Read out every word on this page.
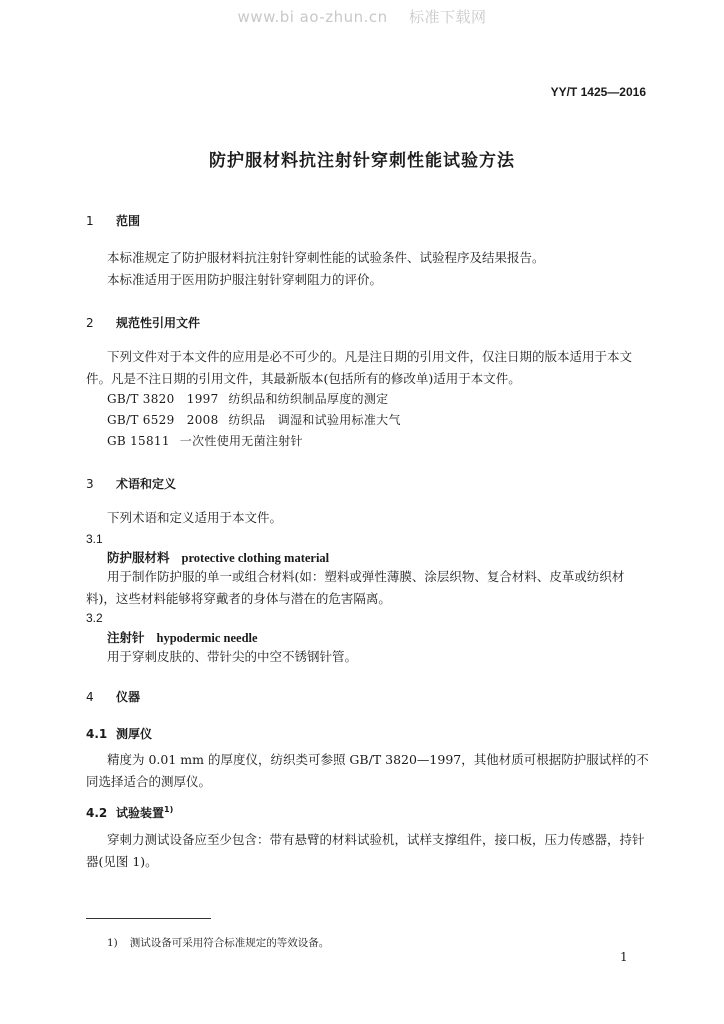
www.bi ao-zhun.cn 标准下载网
YY/T 1425—2016
防护服材料抗注射针穿刺性能试验方法
1 范围
本标准规定了防护服材料抗注射针穿刺性能的试验条件、试验程序及结果报告。
本标准适用于医用防护服注射针穿刺阻力的评价。
2 规范性引用文件
下列文件对于本文件的应用是必不可少的。凡是注日期的引用文件，仅注日期的版本适用于本文件。凡是不注日期的引用文件，其最新版本(包括所有的修改单)适用于本文件。
GB/T 3820　1997 纺织品和纺织制品厚度的测定
GB/T 6529　2008 纺织品　调湿和试验用标准大气
GB 15811 一次性使用无菌注射针
3 术语和定义
下列术语和定义适用于本文件。
3.1
防护服材料 protective clothing material
用于制作防护服的单一或组合材料(如：塑料或弹性薄膜、涂层织物、复合材料、皮革或纺织材料)，这些材料能够将穿戴者的身体与潜在的危害隔离。
3.2
注射针 hypodermic needle
用于穿刺皮肤的、带针尖的中空不锈钢针管。
4 仪器
4.1 测厚仪
精度为 0.01 mm 的厚度仪，纺织类可参照 GB/T 3820—1997，其他材质可根据防护服试样的不同选择适合的测厚仪。
4.2 试验装置$^{1)}$
穿刺力测试设备应至少包含：带有悬臂的材料试验机，试样支撑组件，接口板，压力传感器，持针器(见图 1)。
1) 测试设备可采用符合标准规定的等效设备。
1
